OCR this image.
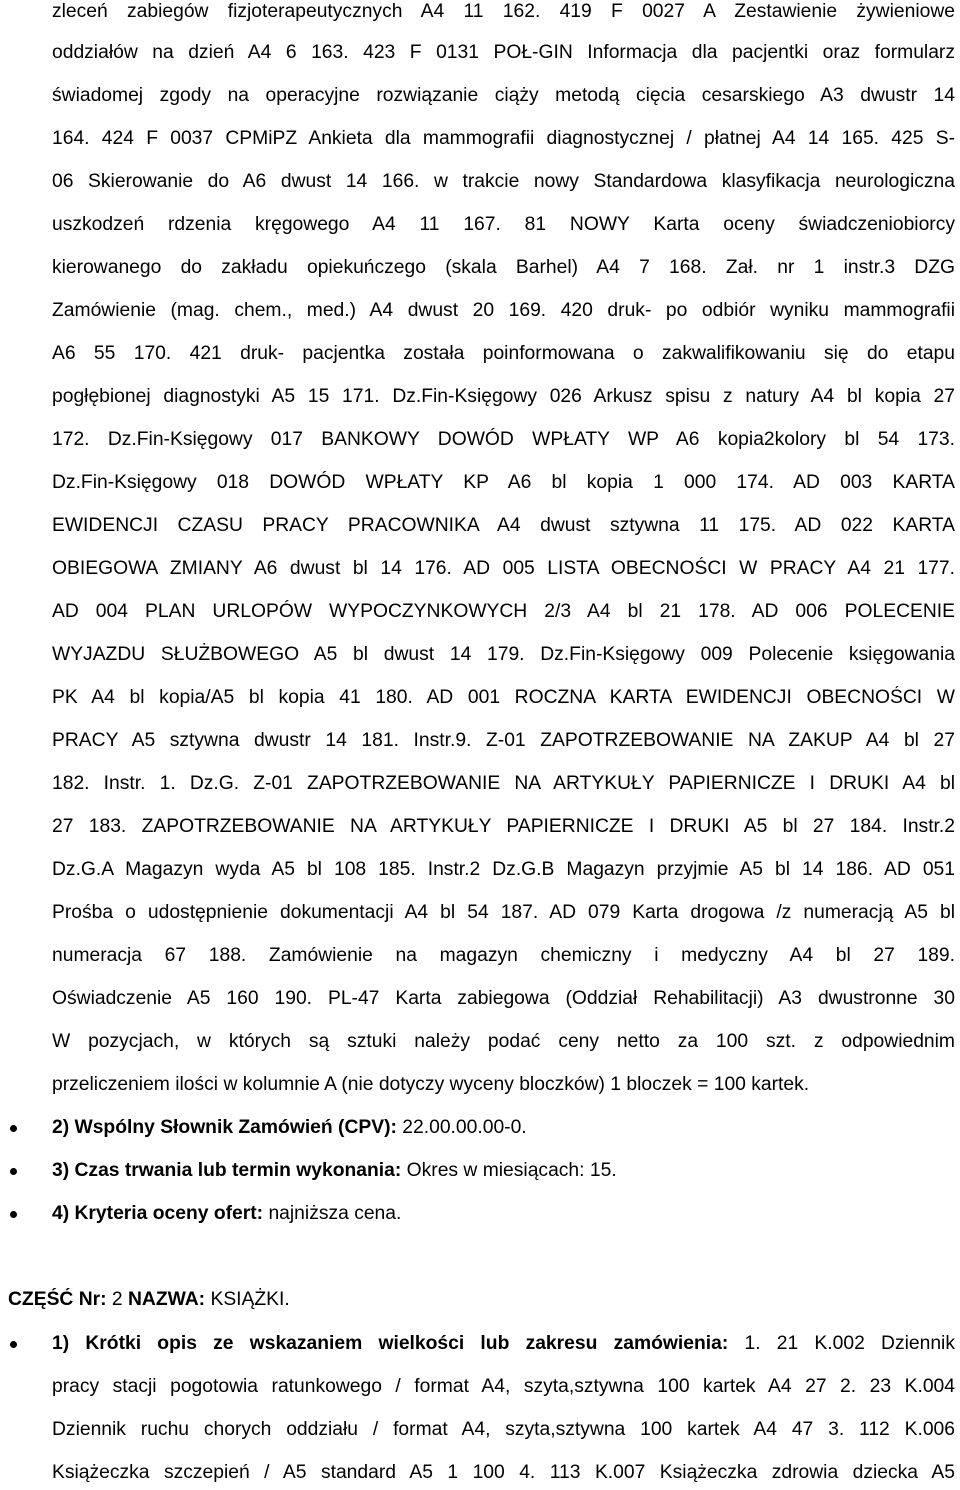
zleceń zabiegów fizjoterapeutycznych A4 11 162. 419 F 0027 A Zestawienie żywieniowe
oddziałów na dzień A4 6 163. 423 F 0131 POŁ-GIN Informacja dla pacjentki oraz formularz
świadomej zgody na operacyjne rozwiązanie ciąży metodą cięcia cesarskiego A3 dwustr 14
164. 424 F 0037 CPMiPZ Ankieta dla mammografii diagnostycznej / płatnej A4 14 165. 425 S-
06 Skierowanie do A6 dwust 14 166. w trakcie nowy Standardowa klasyfikacja neurologiczna
uszkodzeń rdzenia kręgowego A4 11 167. 81 NOWY Karta oceny świadczeniobiorcy
kierowanego do zakładu opiekuńczego (skala Barhel) A4 7 168. Zał. nr 1 instr.3 DZG
Zamówienie (mag. chem., med.) A4 dwust 20 169. 420 druk- po odbiór wyniku mammografii
A6 55 170. 421 druk- pacjentka została poinformowana o zakwalifikowaniu się do etapu
pogłębionej diagnostyki A5 15 171. Dz.Fin-Księgowy 026 Arkusz spisu z natury A4 bl kopia 27
172. Dz.Fin-Księgowy 017 BANKOWY DOWÓD WPŁATY WP A6 kopia2kolory bl 54 173.
Dz.Fin-Księgowy 018 DOWÓD WPŁATY KP A6 bl kopia 1 000 174. AD 003 KARTA
EWIDENCJI CZASU PRACY PRACOWNIKA A4 dwust sztywna 11 175. AD 022 KARTA
OBIEGOWA ZMIANY A6 dwust bl 14 176. AD 005 LISTA OBECNOŚCI W PRACY A4 21 177.
AD 004 PLAN URLOPÓW WYPOCZYNKOWYCH 2/3 A4 bl 21 178. AD 006 POLECENIE
WYJAZDU SŁUŻBOWEGO A5 bl dwust 14 179. Dz.Fin-Księgowy 009 Polecenie księgowania
PK A4 bl kopia/A5 bl kopia 41 180. AD 001 ROCZNA KARTA EWIDENCJI OBECNOŚCI W
PRACY A5 sztywna dwustr 14 181. Instr.9. Z-01 ZAPOTRZEBOWANIE NA ZAKUP A4 bl 27
182. Instr. 1. Dz.G. Z-01 ZAPOTRZEBOWANIE NA ARTYKUŁY PAPIERNICZE I DRUKI A4 bl
27 183. ZAPOTRZEBOWANIE NA ARTYKUŁY PAPIERNICZE I DRUKI A5 bl 27 184. Instr.2
Dz.G.A Magazyn wyda A5 bl 108 185. Instr.2 Dz.G.B Magazyn przyjmie A5 bl 14 186. AD 051
Prośba o udostępnienie dokumentacji A4 bl 54 187. AD 079 Karta drogowa /z numeracją A5 bl
numeracja 67 188. Zamówienie na magazyn chemiczny i medyczny A4 bl 27 189.
Oświadczenie A5 160 190. PL-47 Karta zabiegowa (Oddział Rehabilitacji) A3 dwustronne 30
W pozycjach, w których są sztuki należy podać ceny netto za 100 szt. z odpowiednim
przeliczeniem ilości w kolumnie A (nie dotyczy wyceny bloczków) 1 bloczek = 100 kartek.
2) Wspólny Słownik Zamówień (CPV): 22.00.00.00-0.
3) Czas trwania lub termin wykonania: Okres w miesiącach: 15.
4) Kryteria oceny ofert: najniższa cena.
CZĘŚĆ Nr: 2 NAZWA: KSIĄŻKI.
1) Krótki opis ze wskazaniem wielkości lub zakresu zamówienia: 1. 21 K.002 Dziennik
pracy stacji pogotowia ratunkowego / format A4, szyta,sztywna 100 kartek A4 27 2. 23 K.004
Dziennik ruchu chorych oddziału / format A4, szyta,sztywna 100 kartek A4 47 3. 112 K.006
Książeczka szczepień / A5 standard A5 1 100 4. 113 K.007 Książeczka zdrowia dziecka A5
